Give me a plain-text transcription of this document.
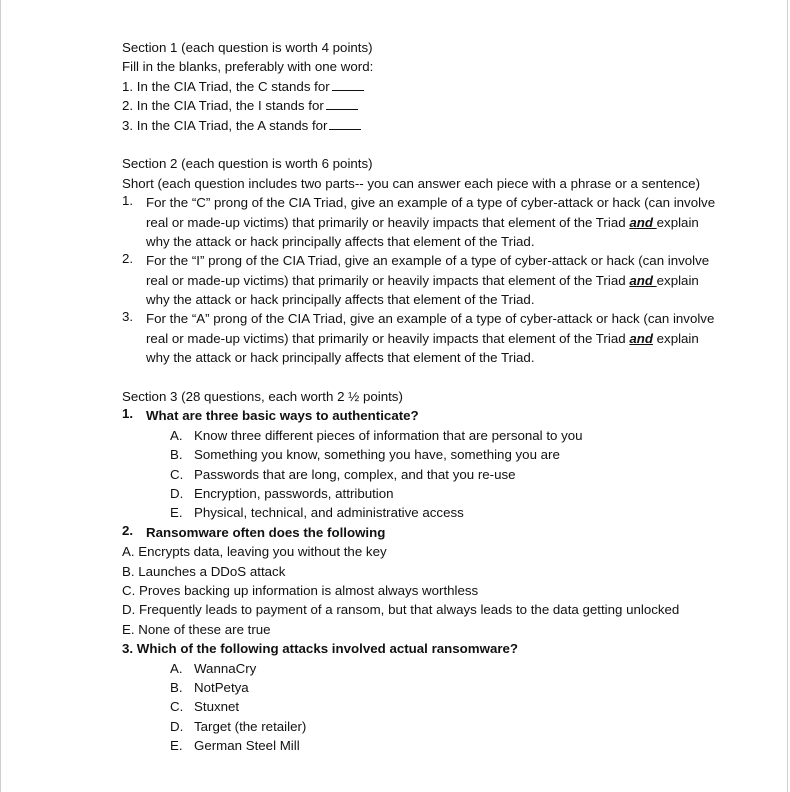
Section 1 (each question is worth 4 points)
Fill in the blanks, preferably with one word:
1. In the CIA Triad, the C stands for
2. In the CIA Triad, the I stands for
3. In the CIA Triad, the A stands for
Section 2 (each question is worth 6 points)
Short (each question includes two parts-- you can answer each piece with a phrase or a sentence)
1. For the “C” prong of the CIA Triad, give an example of a type of cyber-attack or hack (can involve
real or made-up victims) that primarily or heavily impacts that element of the Triad and explain
why the attack or hack principally affects that element of the Triad.
2. For the “I” prong of the CIA Triad, give an example of a type of cyber-attack or hack (can involve
real or made-up victims) that primarily or heavily impacts that element of the Triad and explain
why the attack or hack principally affects that element of the Triad.
3. For the “A” prong of the CIA Triad, give an example of a type of cyber-attack or hack (can involve
real or made-up victims) that primarily or heavily impacts that element of the Triad and explain
why the attack or hack principally affects that element of the Triad.
Section 3 (28 questions, each worth 2 ½ points)
1. What are three basic ways to authenticate?
A. Know three different pieces of information that are personal to you
B. Something you know, something you have, something you are
C. Passwords that are long, complex, and that you re-use
D. Encryption, passwords, attribution
E. Physical, technical, and administrative access
2. Ransomware often does the following
A. Encrypts data, leaving you without the key
B. Launches a DDoS attack
C. Proves backing up information is almost always worthless
D. Frequently leads to payment of a ransom, but that always leads to the data getting unlocked
E. None of these are true
3. Which of the following attacks involved actual ransomware?
A. WannaCry
B. NotPetya
C. Stuxnet
D. Target (the retailer)
E. German Steel Mill
